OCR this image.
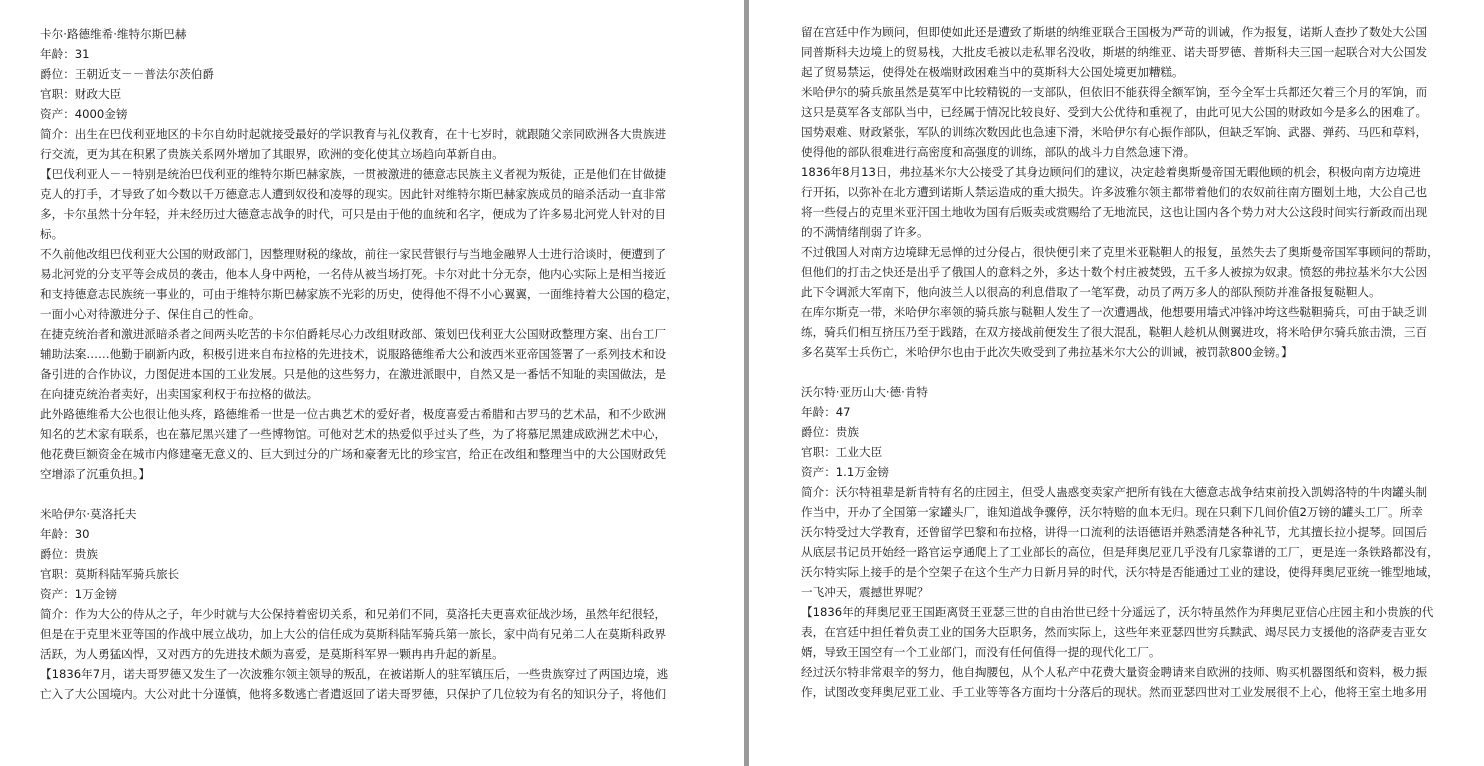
卡尔·路德维希·维特尔斯巴赫
年龄：31
爵位：王朝近支－－普法尔茨伯爵
官职：财政大臣
资产：4000金镑
简介：出生在巴伐利亚地区的卡尔自幼时起就接受最好的学识教育与礼仪教育，在十七岁时，就跟随父亲同欧洲各大贵族进
行交流，更为其在积累了贵族关系网外增加了其眼界，欧洲的变化使其立场趋向革新自由。
【巴伐利亚人－－特别是统治巴伐利亚的维特尔斯巴赫家族，一贯被激进的德意志民族主义者视为叛徒，正是他们在甘做捷
克人的打手，才导致了如今数以千万德意志人遭到奴役和凌辱的现实。因此针对维特尔斯巴赫家族成员的暗杀活动一直非常
多，卡尔虽然十分年轻，并未经历过大德意志战争的时代，可只是由于他的血统和名字，便成为了许多易北河党人针对的目
标。
不久前他改组巴伐利亚大公国的财政部门，因整理财税的缘故，前往一家民营银行与当地金融界人士进行洽谈时，便遭到了
易北河党的分支平等会成员的袭击，他本人身中两枪，一名侍从被当场打死。卡尔对此十分无奈，他内心实际上是相当接近
和支持德意志民族统一事业的，可由于维特尔斯巴赫家族不光彩的历史，使得他不得不小心翼翼，一面维持着大公国的稳定，
一面小心对待激进分子、保住自己的性命。
在捷克统治者和激进派暗杀者之间两头吃苦的卡尔伯爵耗尽心力改组财政部、策划巴伐利亚大公国财政整理方案、出台工厂
辅助法案……他勤于刷新内政，积极引进来自布拉格的先进技术，说服路德维希大公和波西米亚帝国签署了一系列技术和设
备引进的合作协议，力图促进本国的工业发展。只是他的这些努力，在激进派眼中，自然又是一番恬不知耻的卖国做法，是
在向捷克统治者卖好，出卖国家利权于布拉格的做法。
此外路德维希大公也很让他头疼，路德维希一世是一位古典艺术的爱好者，极度喜爱古希腊和古罗马的艺术品，和不少欧洲
知名的艺术家有联系，也在慕尼黑兴建了一些博物馆。可他对艺术的热爱似乎过头了些，为了将慕尼黑建成欧洲艺术中心，
他花费巨额资金在城市内修建毫无意义的、巨大到过分的广场和豪奢无比的珍宝宫，给正在改组和整理当中的大公国财政凭
空增添了沉重负担。】
米哈伊尔·莫洛托夫
年龄：30
爵位：贵族
官职：莫斯科陆军骑兵旅长
资产：1万金镑
简介：作为大公的侍从之子，年少时就与大公保持着密切关系，和兄弟们不同，莫洛托夫更喜欢征战沙场，虽然年纪很轻，
但是在于克里米亚等国的作战中展立战功，加上大公的信任成为莫斯科陆军骑兵第一旅长，家中尚有兄弟二人在莫斯科政界
活跃，为人勇猛凶悍，又对西方的先进技术颇为喜爱，是莫斯科军界一颗冉冉升起的新星。
【1836年7月，诺夫哥罗德又发生了一次波雅尔领主领导的叛乱，在被诺斯人的驻军镇压后，一些贵族穿过了两国边境，逃
亡入了大公国境内。大公对此十分谨慎，他将多数逃亡者遣返回了诺夫哥罗德，只保护了几位较为有名的知识分子，将他们
留在宫廷中作为顾问，但即使如此还是遭致了斯堪的纳维亚联合王国极为严苛的训诫，作为报复，诺斯人查抄了数处大公国
同普斯科夫边境上的贸易栈，大批皮毛被以走私罪名没收，斯堪的纳维亚、诺夫哥罗德、普斯科夫三国一起联合对大公国发
起了贸易禁运，使得处在极端财政困难当中的莫斯科大公国处境更加糟糕。
米哈伊尔的骑兵旅虽然是莫军中比较精锐的一支部队，但依旧不能获得全额军饷，至今全军士兵都还欠着三个月的军饷，而
这只是莫军各支部队当中，已经属于情况比较良好、受到大公优待和重视了，由此可见大公国的财政如今是多么的困难了。
国势艰难、财政紧张，军队的训练次数因此也急速下滑，米哈伊尔有心振作部队，但缺乏军饷、武器、弹药、马匹和草料，
使得他的部队很难进行高密度和高强度的训练，部队的战斗力自然急速下滑。
1836年8月13日，弗拉基米尔大公接受了其身边顾问们的建议，决定趁着奥斯曼帝国无暇他顾的机会，积极向南方边境进
行开拓，以弥补在北方遭到诺斯人禁运造成的重大损失。许多波雅尔领主都带着他们的农奴前往南方圈划土地，大公自己也
将一些侵占的克里米亚汗国土地收为国有后贩卖或赏赐给了无地流民，这也让国内各个势力对大公这段时间实行新政而出现
的不满情绪削弱了许多。
不过俄国人对南方边境肆无忌惮的过分侵占，很快便引来了克里米亚鞑靼人的报复，虽然失去了奥斯曼帝国军事顾问的帮助，
但他们的打击之快还是出乎了俄国人的意料之外，多达十数个村庄被焚毁，五千多人被掠为奴隶。愤怒的弗拉基米尔大公因
此下令调派大军南下，他向波兰人以很高的利息借取了一笔军费，动员了两万多人的部队预防并准备报复鞑靼人。
在库尔斯克一带，米哈伊尔率领的骑兵旅与鞑靼人发生了一次遭遇战，他想要用墙式冲锋冲垮这些鞑靼骑兵，可由于缺乏训
练，骑兵们相互挤压乃至于践踏，在双方接战前便发生了很大混乱，鞑靼人趁机从侧翼进攻，将米哈伊尔骑兵旅击溃，三百
多名莫军士兵伤亡，米哈伊尔也由于此次失败受到了弗拉基米尔大公的训诫，被罚款800金镑。】
沃尔特·亚历山大·德·肯特
年龄：47
爵位：贵族
官职：工业大臣
资产：1.1万金镑
简介：沃尔特祖辈是新肯特有名的庄园主，但受人蛊惑变卖家产把所有钱在大德意志战争结束前投入凯姆洛特的牛肉罐头制
作当中，开办了全国第一家罐头厂，谁知道战争骤停，沃尔特赔的血本无归。现在只剩下几间价值2万镑的罐头工厂。所幸
沃尔特受过大学教育，还曾留学巴黎和布拉格，讲得一口流利的法语德语并熟悉清楚各种礼节，尤其擅长拉小提琴。回国后
从底层书记员开始经一路官运亨通爬上了工业部长的高位，但是拜奥尼亚几乎没有几家靠谱的工厂，更是连一条铁路都没有，
沃尔特实际上接手的是个空架子在这个生产力日新月异的时代，沃尔特是否能通过工业的建设，使得拜奥尼亚统一锥型地域，
一飞冲天，震撼世界呢？
【1836年的拜奥尼亚王国距离贤王亚瑟三世的自由治世已经十分遥远了，沃尔特虽然作为拜奥尼亚信心庄园主和小贵族的代
表，在宫廷中担任着负责工业的国务大臣职务，然而实际上，这些年来亚瑟四世穷兵黩武、竭尽民力支援他的洛萨麦吉亚女
婿，导致王国空有一个工业部门，而没有任何值得一提的现代化工厂。
经过沃尔特非常艰辛的努力，他自掏腰包，从个人私产中花费大量资金聘请来自欧洲的技师、购买机器图纸和资料，极力振
作，试图改变拜奥尼亚工业、手工业等等各方面均十分落后的现状。然而亚瑟四世对工业发展很不上心，他将王室土地多用
